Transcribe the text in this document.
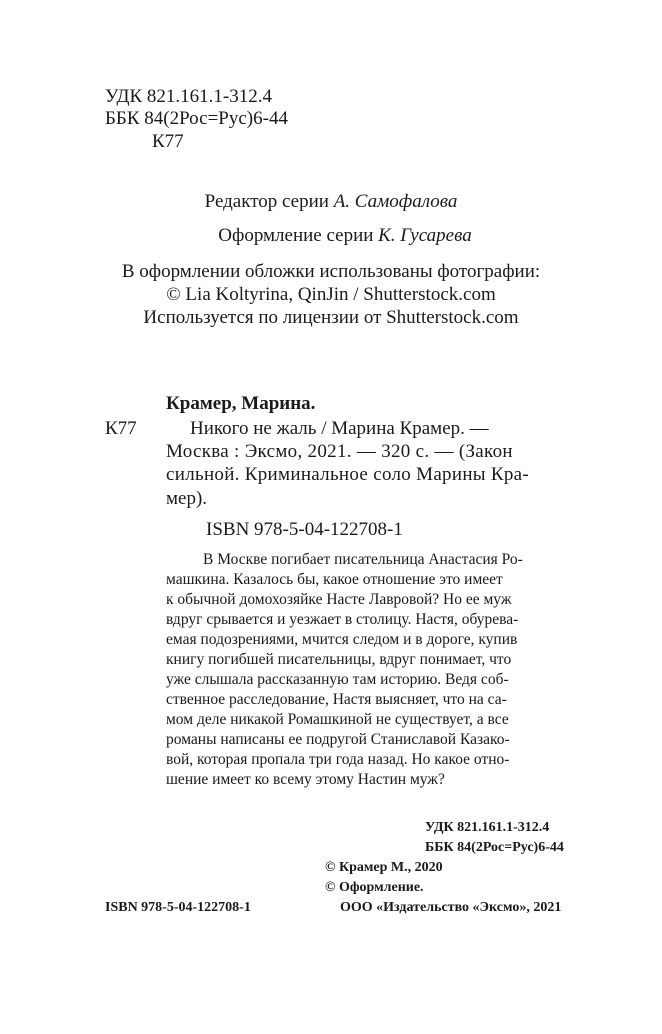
УДК 821.161.1-312.4
ББК 84(2Рос=Рус)6-44
К77
Редактор серии А. Самофалова
Оформление серии К. Гусарева
В оформлении обложки использованы фотографии:
© Lia Koltyrina, QinJin / Shutterstock.com
Используется по лицензии от Shutterstock.com
Крамер, Марина.
К77	Никого не жаль / Марина Крамер. —
Москва : Эксмо, 2021. — 320 с. — (Закон
сильной. Криминальное соло Марины Кра-
мер).
ISBN 978-5-04-122708-1
В Москве погибает писательница Анастасия Ро-
машкина. Казалось бы, какое отношение это имеет
к обычной домохозяйке Насте Лавровой? Но ее муж
вдруг срывается и уезжает в столицу. Настя, обурева-
емая подозрениями, мчится следом и в дороге, купив
книгу погибшей писательницы, вдруг понимает, что
уже слышала рассказанную там историю. Ведя соб-
ственное расследование, Настя выясняет, что на са-
мом деле никакой Ромашкиной не существует, а все
романы написаны ее подругой Станиславой Казако-
вой, которая пропала три года назад. Но какое отно-
шение имеет ко всему этому Настин муж?
УДК 821.161.1-312.4
ББК 84(2Рос=Рус)6-44
© Крамер М., 2020
© Оформление.
ISBN 978-5-04-122708-1	ООО «Издательство «Эксмо», 2021
